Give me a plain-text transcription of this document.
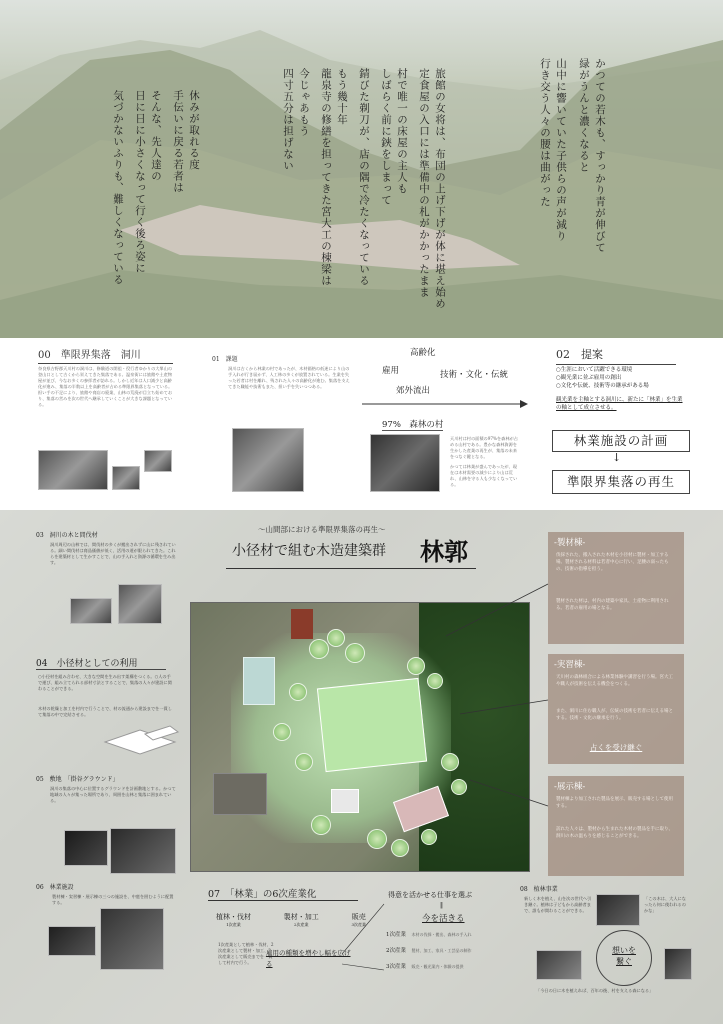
かつての若木も、すっかり青が伸びて
緑がうんと濃くなると
山中に響いていた子供らの声が減り
行き交う人々の腰は曲がった
旅館の女将は、布団の上げ下げが体に堪え始め
定食屋の入口には準備中の札がかかったまま
村で唯一の床屋の主人も
しばらく前に鋏をしまって
錆びた剃刀が、店の隅で冷たくなっている
もう幾十年
龍泉寺の修繕を担ってきた宮大工の棟梁は
今じゃあもう
四寸五分は担げない
休みが取れる度
手伝いに戻る若者は
そんな、先人達の
日に日に小さくなって行く後ろ姿に
気づかないふりも、難しくなっている
00　準限界集落　洞川
奈良県吉野郡天川村の洞川は、修験道の開祖・役行者ゆかりの大峯山の登山口として古くから栄えてきた集落である。温泉街には旅館や土産物屋が並び、今なお多くの参拝者が訪れる。しかし近年は人口減少と高齢化が進み、集落の半数以上を高齢者が占める準限界集落となっている。担い手の不足により、旅館や商店の廃業、山林の荒廃が目立ち始めており、集落の営みを次の世代へ継承していくことが大きな課題となっている。
01　課題
洞川は古くから林業の村であったが、木材価格の低迷により山の手入れが行き届かず、人工林の多くが放置されている。生業を失った若者は村を離れ、残された人々の高齢化が進む。集落を支えてきた職能や技術もまた、担い手を失いつつある。
高齢化
雇用	技術・文化・伝統
郊外流出
97%　森林の村
天川村は村の面積の97%を森林が占める山村である。豊かな森林資源を生かした産業の再生が、集落の未来をつなぐ鍵となる。
かつては林業が盛んであったが、現在は木材需要の減少により山は荒れ、山林を守る人も少なくなっている。
02　提案
○生涯において活躍できる環境
○観光業に並ぶ雇用の創出
○文化や伝統、技術等の継承がある場
観光業を主軸とする洞川に、新たに「林業」を生業の軸として成立させる。
林業施設の計画
↓
準限界集落の再生
〜山間部における準限界集落の再生〜
小径材で組む木造建築群 林郭
03　洞川の木と間伐材
洞川周辺の山林では、間伐材の多くが搬出されずに山に残されている。細い間伐材は商品価値が低く、活用の道が限られてきた。これらを建築材として生かすことで、山の手入れと資源の循環を生み出す。
04　小径材としての利用
○小径材を組み合わせ、大きな空間を生み出す架構をつくる。○人の手で運び、組み立てられる部材寸法とすることで、集落の人々が建設に関わることができる。
木材の乾燥と加工を村内で行うことで、材の流通から建設までを一貫して集落の中で完結させる。
05　敷地　「掛谷グラウンド」
洞川の集落の中心に位置するグラウンドを計画敷地とする。かつて地域の人々が集った場所であり、周囲を山林と集落に囲まれている。
06　林業施設
製材棟・実習棟・展示棟の三つの施設を、中庭を囲むように配置する。
-製材棟-
伐採された、搬入された木材を小径材に製材・加工する場。製材される材料は若者中心に行い、足腰の弱ったもの、技術の指導を担う。
製材された材は、村内の建築や家具、土産物に利用される。若者の雇用の場となる。
-実習棟-
天川村の森林組合による林業体験や講習を行う場。宮大工や職人が技術を伝える機会をつくる。
また、洞川に住む職人が、伝統の技術を若者に伝える場とする。技術・文化の継承を行う。
占くを受け継ぐ
-展示棟-
製材棟より加工された製品を展示、販売する場として使用する。
訪れた人々は、製材から生まれた木材の製品を手に取り、洞川の木の温もりを感じることができる。
07　「林業」の6次産業化
植林・伐材
1次産業
製材・加工
2次産業
販売
3次産業
1次産業として植林・伐材、2次産業として製材・加工、3次産業として販売までを一貫して村内で行う。
雇用の種類を増やし幅を広げる
得意を活かせる仕事を選ぶ
‖
今を活きる
1次産業　 木材の伐採・搬出、森林の手入れ
2次産業　 製材、加工、家具・工芸品の制作
3次産業　 販売・観光案内・体験の提供
08　植林事業
新しく木を植え、山を次の世代へ引き継ぐ。植林は子どもから高齢者まで、誰もが関わることができる。
「この木は、大人になったら何に使われるのかな」
想いを
繋ぐ
「今日の日に木を植えれば、百年の後、村を支える森になる」
